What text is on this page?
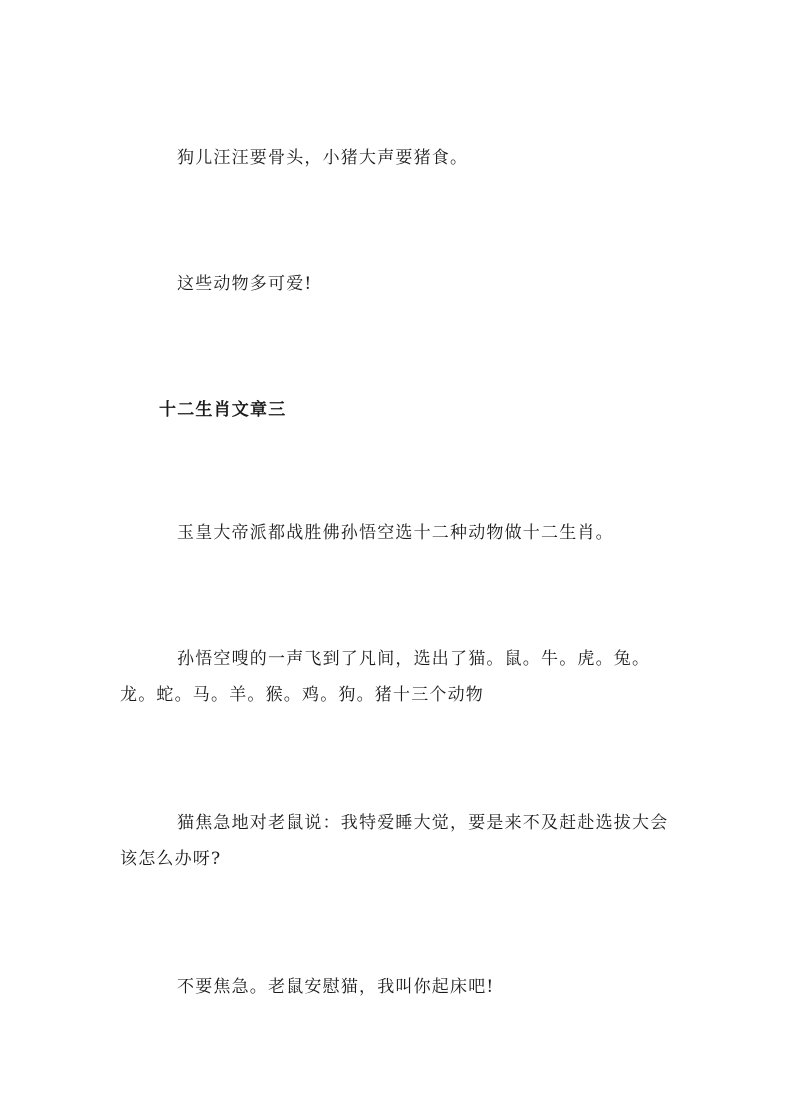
狗儿汪汪要骨头，小猪大声要猪食。

这些动物多可爱!

十二生肖文章三

玉皇大帝派都战胜佛孙悟空选十二种动物做十二生肖。

孙悟空嗖的一声飞到了凡间，选出了猫。鼠。牛。虎。兔。龙。蛇。马。羊。猴。鸡。狗。猪十三个动物

猫焦急地对老鼠说：我特爱睡大觉，要是来不及赶赴选拔大会该怎么办呀?

不要焦急。老鼠安慰猫，我叫你起床吧!
